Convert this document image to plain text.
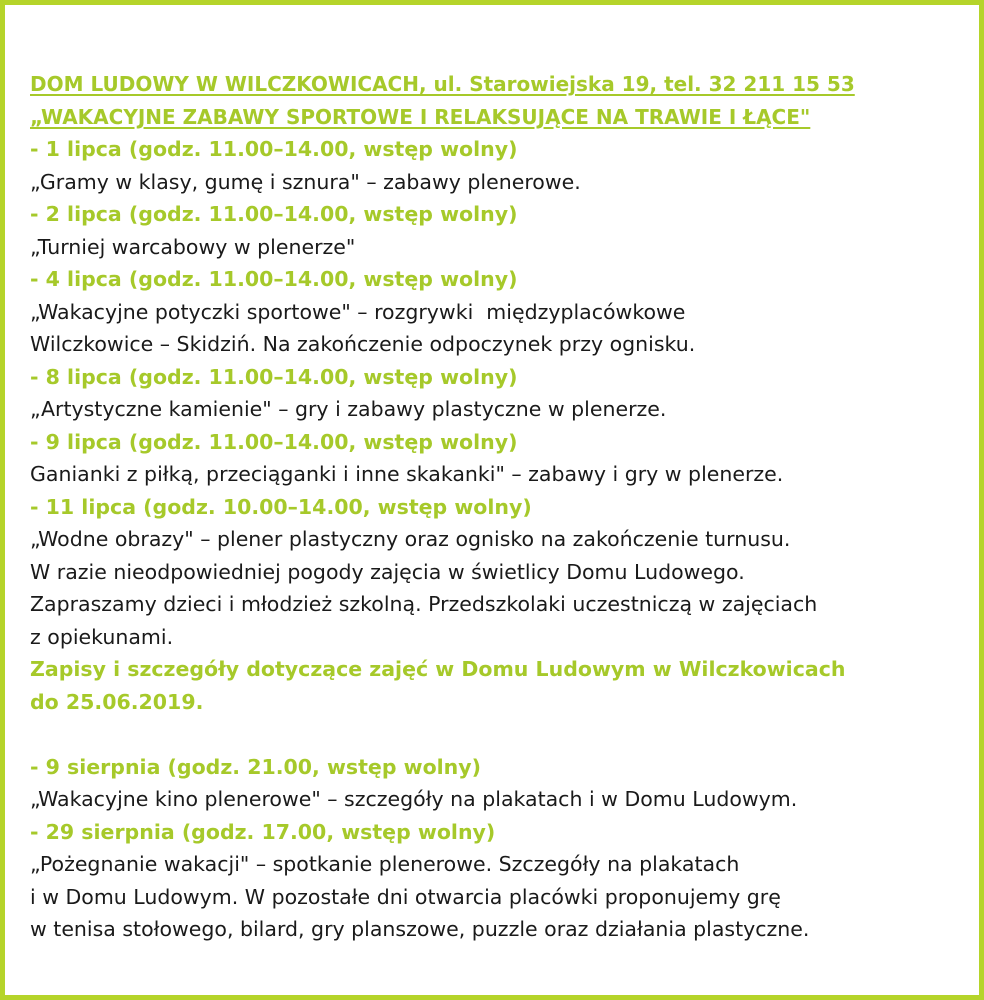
DOM LUDOWY W WILCZKOWICACH, ul. Starowiejska 19, tel. 32 211 15 53
„WAKACYJNE ZABAWY SPORTOWE I RELAKSUJĄCE NA TRAWIE I ŁĄCE"
- 1 lipca (godz. 11.00–14.00, wstęp wolny)
„Gramy w klasy, gumę i sznura" – zabawy plenerowe.
- 2 lipca (godz. 11.00–14.00, wstęp wolny)
„Turniej warcabowy w plenerze"
- 4 lipca (godz. 11.00–14.00, wstęp wolny)
„Wakacyjne potyczki sportowe" – rozgrywki  międzyplacówkowe
Wilczkowice – Skidziń. Na zakończenie odpoczynek przy ognisku.
- 8 lipca (godz. 11.00–14.00, wstęp wolny)
„Artystyczne kamienie" – gry i zabawy plastyczne w plenerze.
- 9 lipca (godz. 11.00–14.00, wstęp wolny)
Ganianki z piłką, przeciąganki i inne skakanki" – zabawy i gry w plenerze.
- 11 lipca (godz. 10.00–14.00, wstęp wolny)
„Wodne obrazy" – plener plastyczny oraz ognisko na zakończenie turnusu.
W razie nieodpowiedniej pogody zajęcia w świetlicy Domu Ludowego.
Zapraszamy dzieci i młodzież szkolną. Przedszkolaki uczestniczą w zajęciach
z opiekunami.
Zapisy i szczegóły dotyczące zajęć w Domu Ludowym w Wilczkowicach
do 25.06.2019.
- 9 sierpnia (godz. 21.00, wstęp wolny)
„Wakacyjne kino plenerowe" – szczegóły na plakatach i w Domu Ludowym.
- 29 sierpnia (godz. 17.00, wstęp wolny)
„Pożegnanie wakacji" – spotkanie plenerowe. Szczegóły na plakatach
i w Domu Ludowym. W pozostałe dni otwarcia placówki proponujemy grę
w tenisa stołowego, bilard, gry planszowe, puzzle oraz działania plastyczne.
